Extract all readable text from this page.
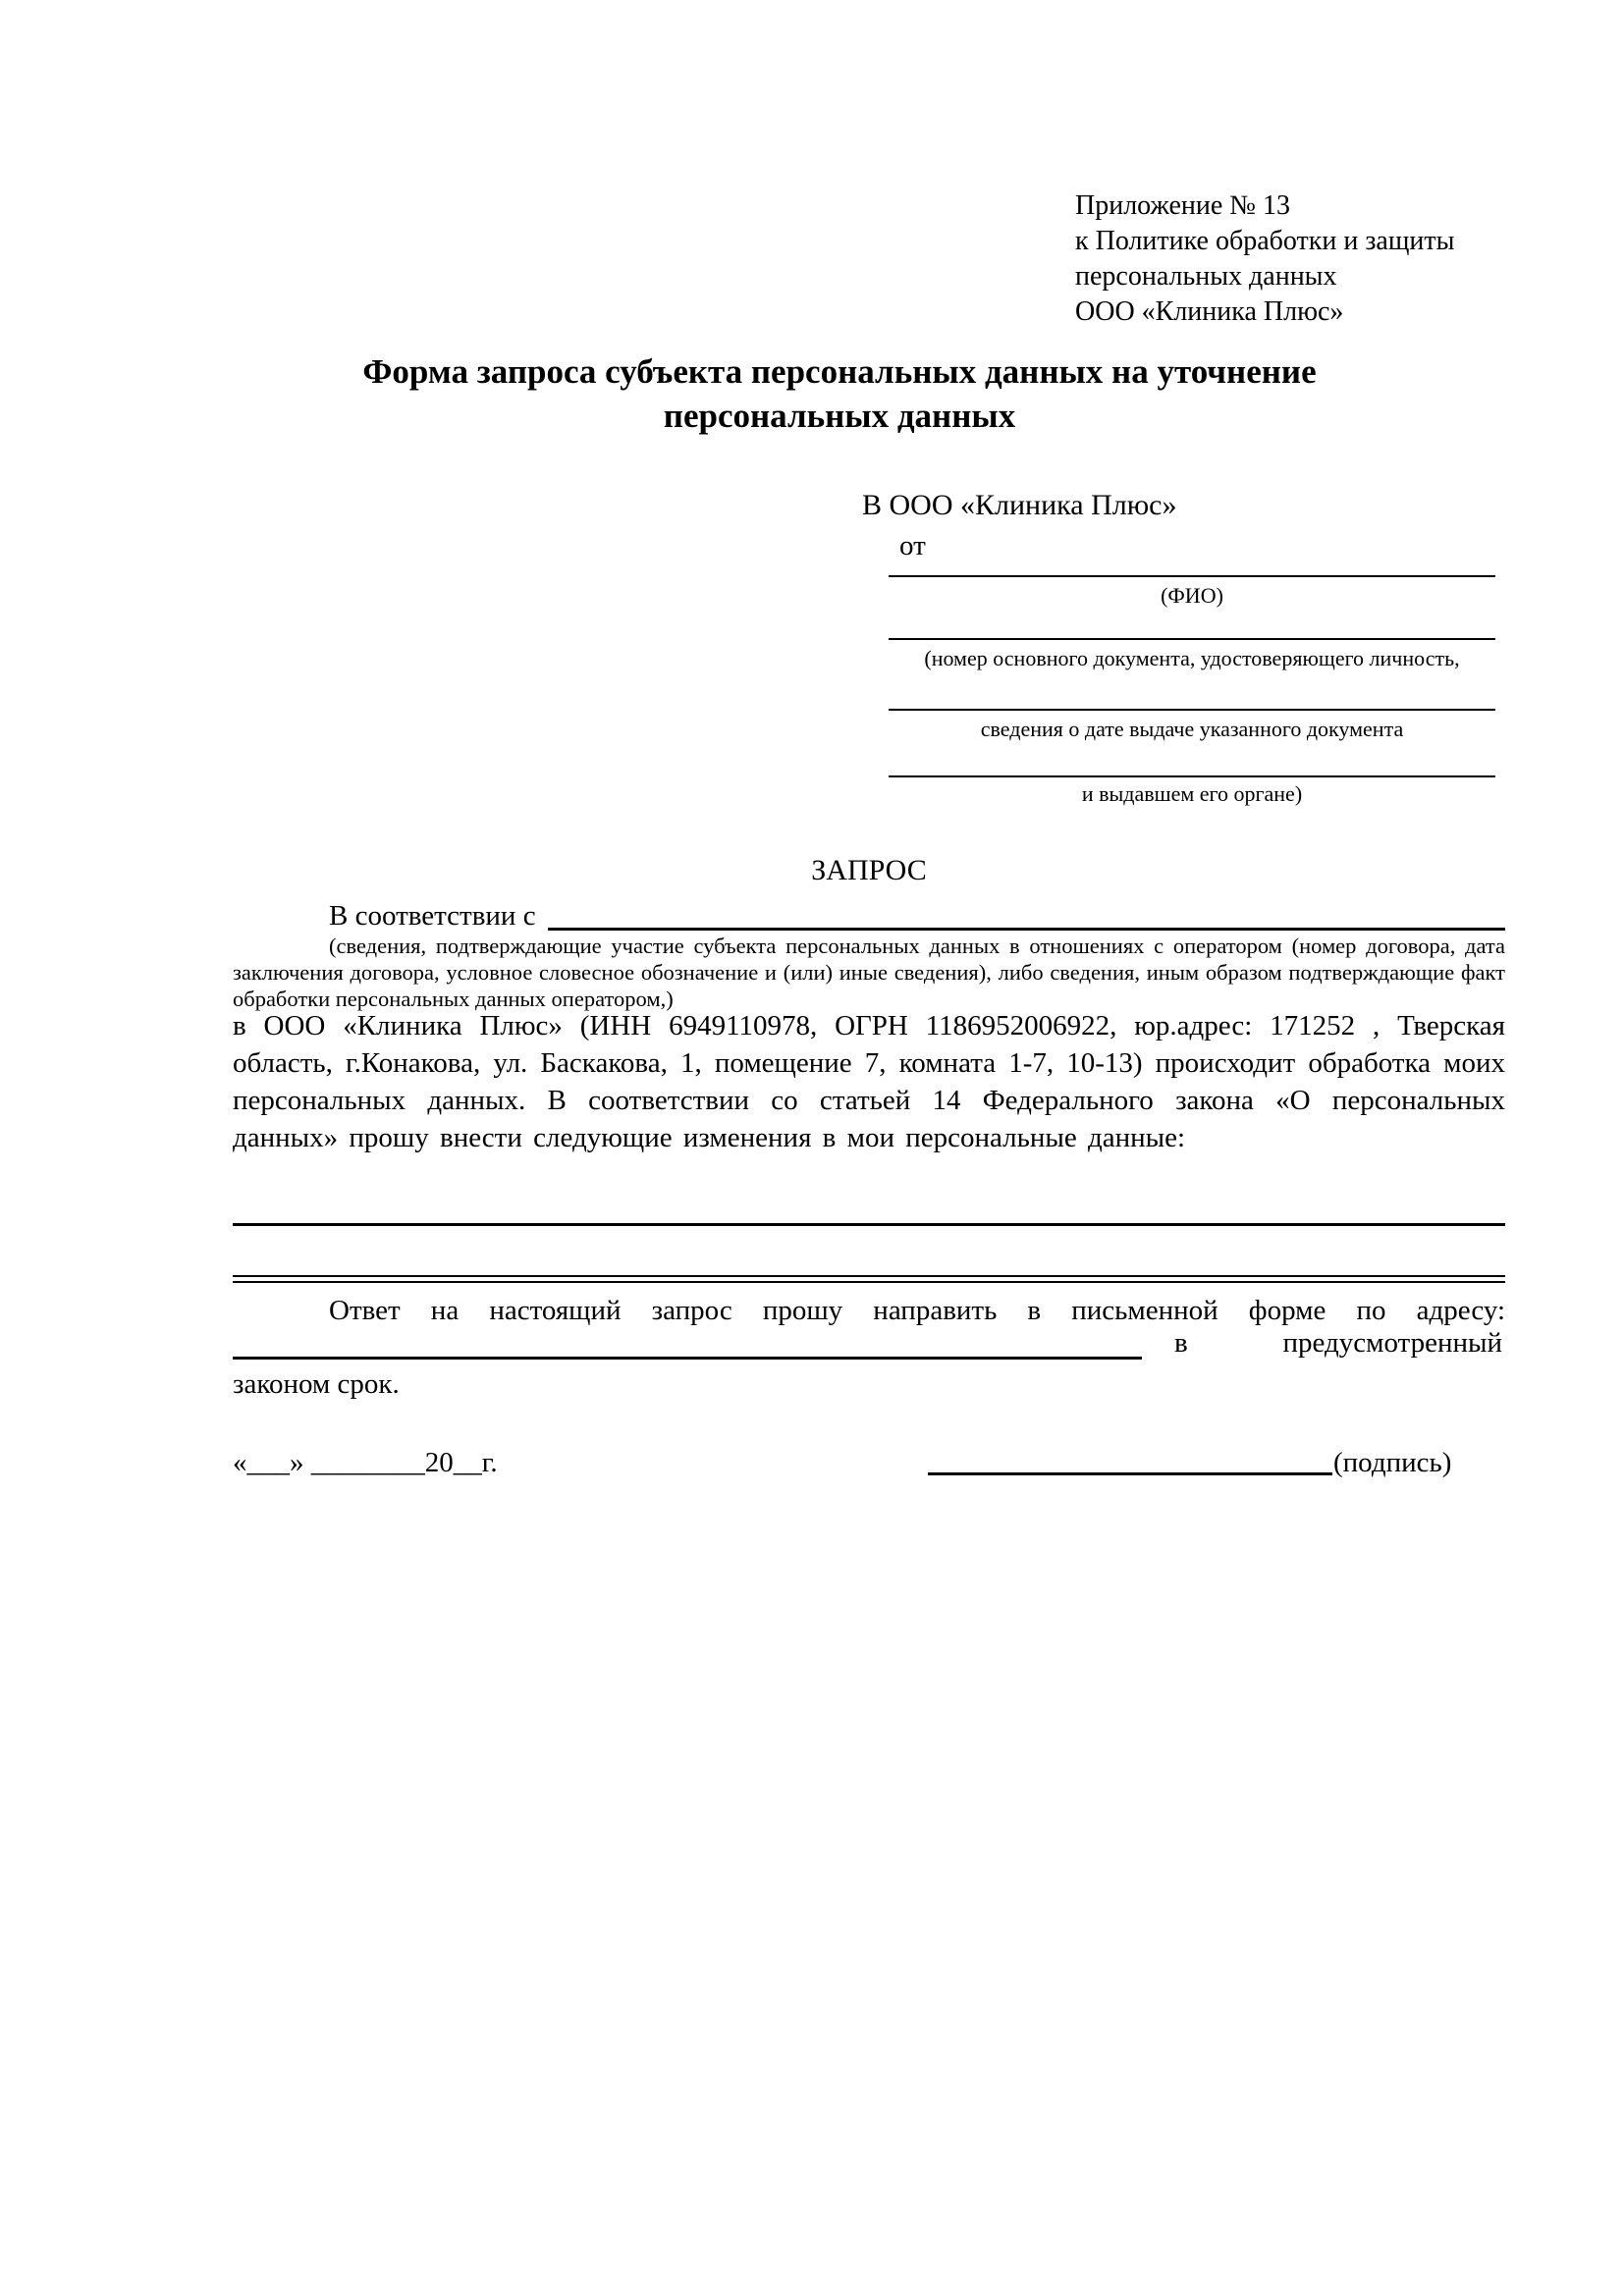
Приложение № 13
к Политике обработки и защиты
персональных данных
ООО «Клиника Плюс»
Форма запроса субъекта персональных данных на уточнение
персональных данных
В ООО «Клиника Плюс»
от
(ФИО)
(номер основного документа, удостоверяющего личность,
сведения о дате выдаче указанного документа
и выдавшем его органе)
ЗАПРОС
В соответствии с
(сведения, подтверждающие участие субъекта персональных данных в отношениях с оператором (номер договора, дата заключения договора, условное словесное обозначение и (или) иные сведения), либо сведения, иным образом подтверждающие факт обработки персональных данных оператором,)
в ООО «Клиника Плюс» (ИНН 6949110978, ОГРН 1186952006922, юр.адрес: 171252 , Тверская область, г.Конакова, ул. Баскакова, 1, помещение 7, комната 1-7, 10-13) происходит обработка моих персональных данных. В соответствии со статьей 14 Федерального закона «О персональных данных» прошу внести следующие изменения в мои персональные данные:
Ответ на настоящий запрос прошу направить в письменной форме по адресу:
в	предусмотренный
законом срок.
«___» ________20__г.	(подпись)
